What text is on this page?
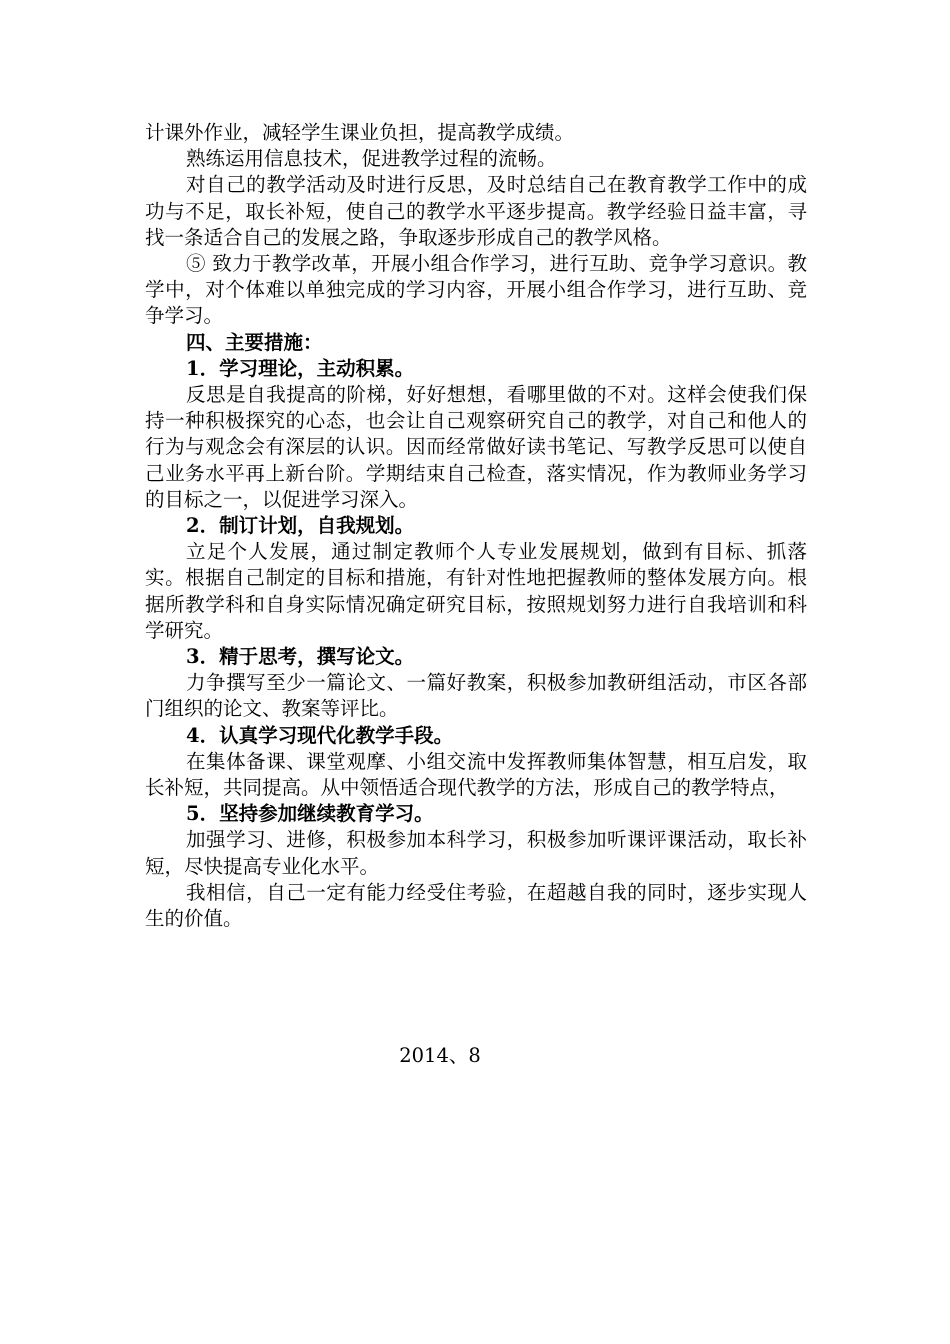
计课外作业，减轻学生课业负担，提高教学成绩。

熟练运用信息技术，促进教学过程的流畅。

对自己的教学活动及时进行反思，及时总结自己在教育教学工作中的成功与不足，取长补短，使自己的教学水平逐步提高。教学经验日益丰富，寻找一条适合自己的发展之路，争取逐步形成自己的教学风格。

⑤ 致力于教学改革，开展小组合作学习，进行互助、竞争学习意识。教学中，对个体难以单独完成的学习内容，开展小组合作学习，进行互助、竞争学习。

四、主要措施：

1．学习理论，主动积累。

反思是自我提高的阶梯，好好想想，看哪里做的不对。这样会使我们保持一种积极探究的心态，也会让自己观察研究自己的教学，对自己和他人的行为与观念会有深层的认识。因而经常做好读书笔记、写教学反思可以使自己业务水平再上新台阶。学期结束自己检查，落实情况，作为教师业务学习的目标之一，以促进学习深入。

2．制订计划，自我规划。

立足个人发展，通过制定教师个人专业发展规划，做到有目标、抓落实。根据自己制定的目标和措施，有针对性地把握教师的整体发展方向。根据所教学科和自身实际情况确定研究目标，按照规划努力进行自我培训和科学研究。

3．精于思考，撰写论文。

力争撰写至少一篇论文、一篇好教案，积极参加教研组活动，市区各部门组织的论文、教案等评比。

4．认真学习现代化教学手段。

在集体备课、课堂观摩、小组交流中发挥教师集体智慧，相互启发，取长补短，共同提高。从中领悟适合现代教学的方法，形成自己的教学特点，

5．坚持参加继续教育学习。

加强学习、进修，积极参加本科学习，积极参加听课评课活动，取长补短，尽快提高专业化水平。

我相信，自己一定有能力经受住考验，在超越自我的同时，逐步实现人生的价值。

2014、8
